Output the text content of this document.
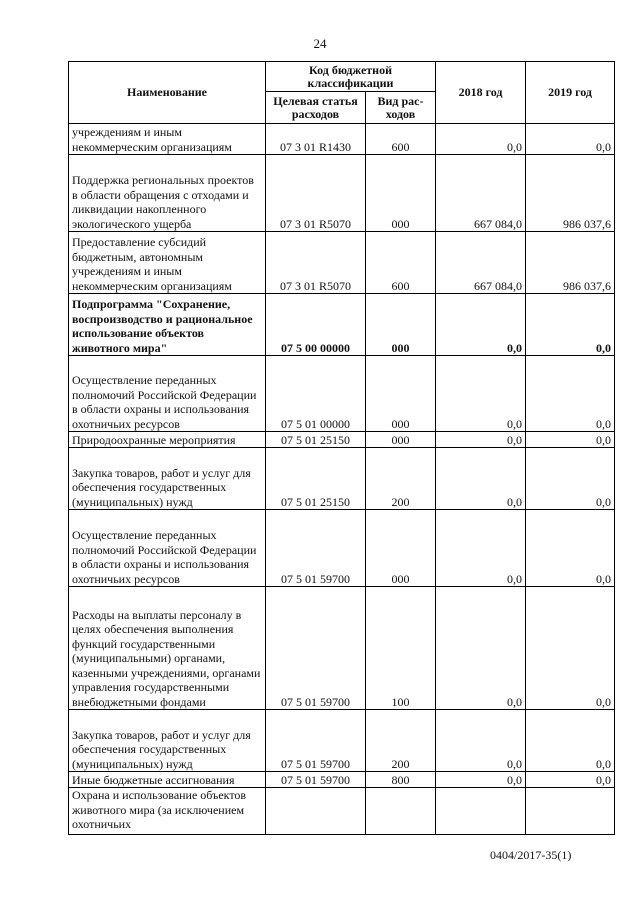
24
Наименование	Код бюджетной классификации		2018 год	2019 год
	Целевая статья расходов	Вид рас-ходов		
учреждениям и иным некоммерческим организациям	07 3 01 R1430	600	0,0	0,0
Поддержка региональных проектов в области обращения с отходами и ликвидации накопленного экологического ущерба	07 3 01 R5070	000	667 084,0	986 037,6
Предоставление субсидий бюджетным, автономным учреждениям и иным некоммерческим организациям	07 3 01 R5070	600	667 084,0	986 037,6
Подпрограмма "Сохранение, воспроизводство и рациональное использование объектов животного мира"	07 5 00 00000	000	0,0	0,0
Осуществление переданных полномочий Российской Федерации в области охраны и использования охотничьих ресурсов	07 5 01 00000	000	0,0	0,0
Природоохранные мероприятия	07 5 01 25150	000	0,0	0,0
Закупка товаров, работ и услуг для обеспечения государственных (муниципальных) нужд	07 5 01 25150	200	0,0	0,0
Осуществление переданных полномочий Российской Федерации в области охраны и использования охотничьих ресурсов	07 5 01 59700	000	0,0	0,0
Расходы на выплаты персоналу в целях обеспечения выполнения функций государственными (муниципальными) органами, казенными учреждениями, органами управления государственными внебюджетными фондами	07 5 01 59700	100	0,0	0,0
Закупка товаров, работ и услуг для обеспечения государственных (муниципальных) нужд	07 5 01 59700	200	0,0	0,0
Иные бюджетные ассигнования	07 5 01 59700	800	0,0	0,0
Охрана и использование объектов животного мира (за исключением охотничьих				
0404/2017-35(1)
